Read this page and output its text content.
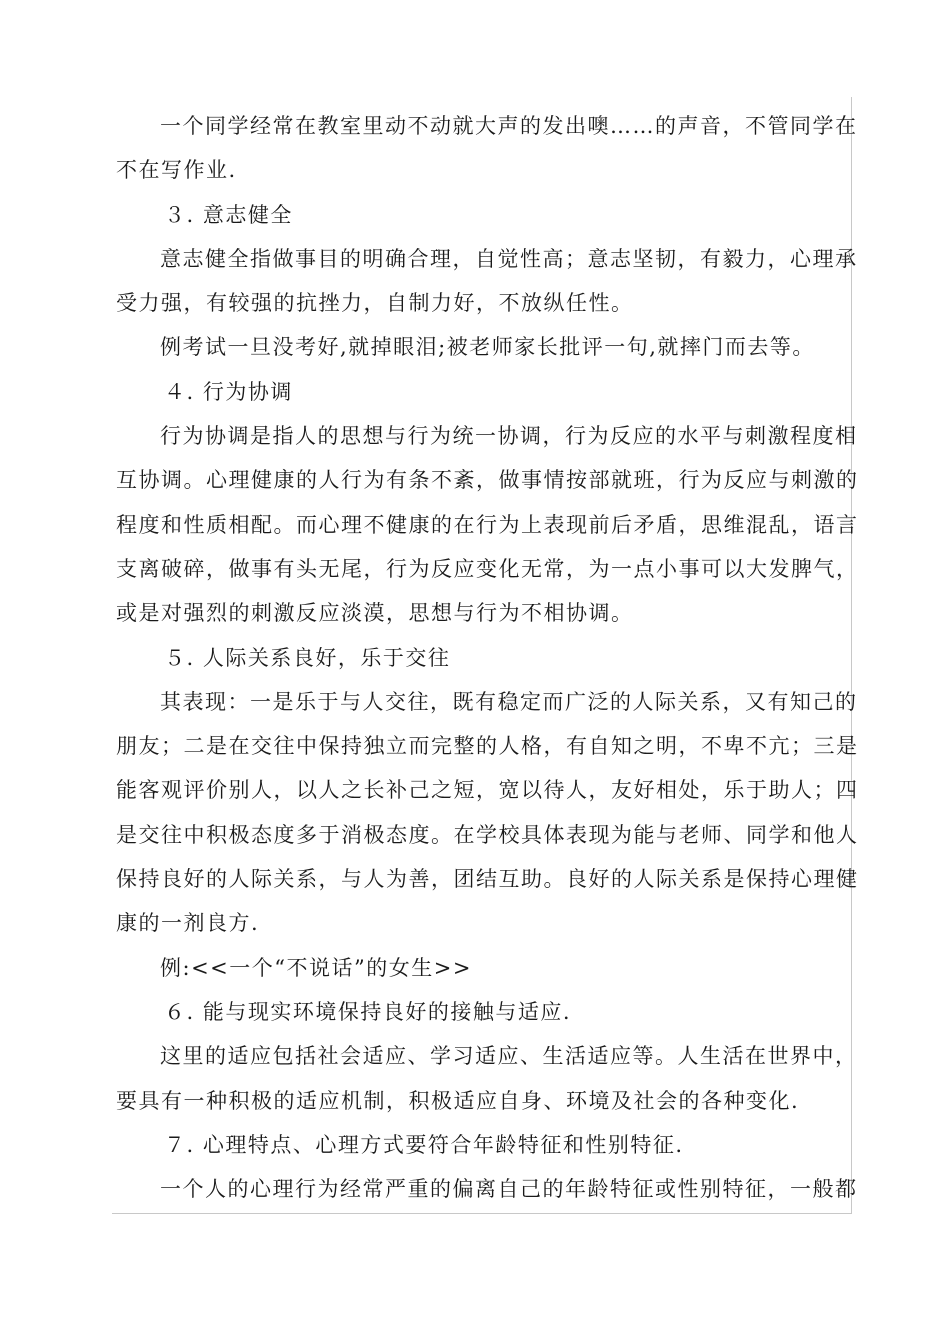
一个同学经常在教室里动不动就大声的发出噢……的声音，不管同学在

不在写作业.

３. 意志健全

意志健全指做事目的明确合理，自觉性高；意志坚韧，有毅力，心理承

受力强，有较强的抗挫力，自制力好，不放纵任性。

例考试一旦没考好,就掉眼泪;被老师家长批评一句,就摔门而去等。

４. 行为协调

行为协调是指人的思想与行为统一协调，行为反应的水平与刺激程度相

互协调。心理健康的人行为有条不紊，做事情按部就班，行为反应与刺激的

程度和性质相配。而心理不健康的在行为上表现前后矛盾，思维混乱，语言

支离破碎，做事有头无尾，行为反应变化无常，为一点小事可以大发脾气，

或是对强烈的刺激反应淡漠，思想与行为不相协调。

５. 人际关系良好，乐于交往

其表现：一是乐于与人交往，既有稳定而广泛的人际关系，又有知己的

朋友；二是在交往中保持独立而完整的人格，有自知之明，不卑不亢；三是

能客观评价别人，以人之长补己之短，宽以待人，友好相处，乐于助人；四

是交往中积极态度多于消极态度。在学校具体表现为能与老师、同学和他人

保持良好的人际关系，与人为善，团结互助。良好的人际关系是保持心理健

康的一剂良方.

例:<<一个“不说话”的女生>>

６. 能与现实环境保持良好的接触与适应.

这里的适应包括社会适应、学习适应、生活适应等。人生活在世界中，

要具有一种积极的适应机制，积极适应自身、环境及社会的各种变化.

７. 心理特点、心理方式要符合年龄特征和性别特征.

一个人的心理行为经常严重的偏离自己的年龄特征或性别特征，一般都
